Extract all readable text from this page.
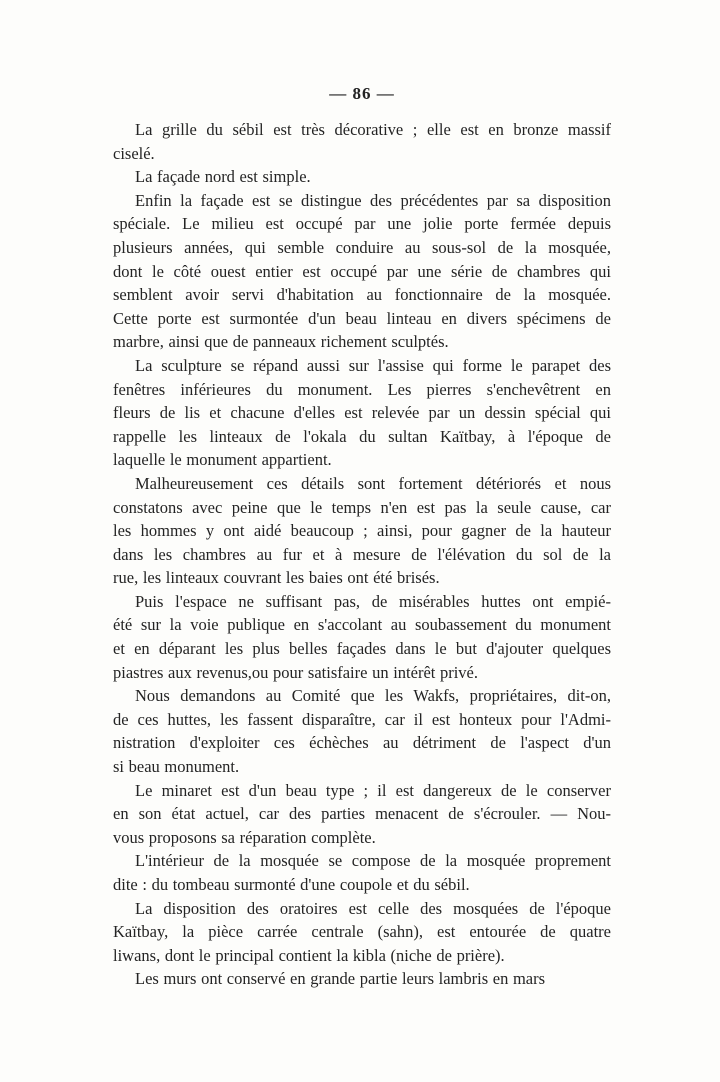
— 86 —
La grille du sébil est très décorative ; elle est en bronze massif
ciselé.
La façade nord est simple.
Enfin la façade est se distingue des précédentes par sa disposition
spéciale. Le milieu est occupé par une jolie porte fermée depuis
plusieurs années, qui semble conduire au sous-sol de la mosquée,
dont le côté ouest entier est occupé par une série de chambres qui
semblent avoir servi d'habitation au fonctionnaire de la mosquée.
Cette porte est surmontée d'un beau linteau en divers spécimens de
marbre, ainsi que de panneaux richement sculptés.
La sculpture se répand aussi sur l'assise qui forme le parapet des
fenêtres inférieures du monument. Les pierres s'enchevêtrent en
fleurs de lis et chacune d'elles est relevée par un dessin spécial qui
rappelle les linteaux de l'okala du sultan Kaïtbay, à l'époque de
laquelle le monument appartient.
Malheureusement ces détails sont fortement détériorés et nous
constatons avec peine que le temps n'en est pas la seule cause, car
les hommes y ont aidé beaucoup ; ainsi, pour gagner de la hauteur
dans les chambres au fur et à mesure de l'élévation du sol de la
rue, les linteaux couvrant les baies ont été brisés.
Puis l'espace ne suffisant pas, de misérables huttes ont empié-
été sur la voie publique en s'accolant au soubassement du monument
et en déparant les plus belles façades dans le but d'ajouter quelques
piastres aux revenus,ou pour satisfaire un intérêt privé.
Nous demandons au Comité que les Wakfs, propriétaires, dit-on,
de ces huttes, les fassent disparaître, car il est honteux pour l'Admi-
nistration d'exploiter ces échèches au détriment de l'aspect d'un
si beau monument.
Le minaret est d'un beau type ; il est dangereux de le conserver
en son état actuel, car des parties menacent de s'écrouler. — Nou-
vous proposons sa réparation complète.
L'intérieur de la mosquée se compose de la mosquée proprement
dite : du tombeau surmonté d'une coupole et du sébil.
La disposition des oratoires est celle des mosquées de l'époque
Kaïtbay, la pièce carrée centrale (sahn), est entourée de quatre
liwans, dont le principal contient la kibla (niche de prière).
Les murs ont conservé en grande partie leurs lambris en mars
